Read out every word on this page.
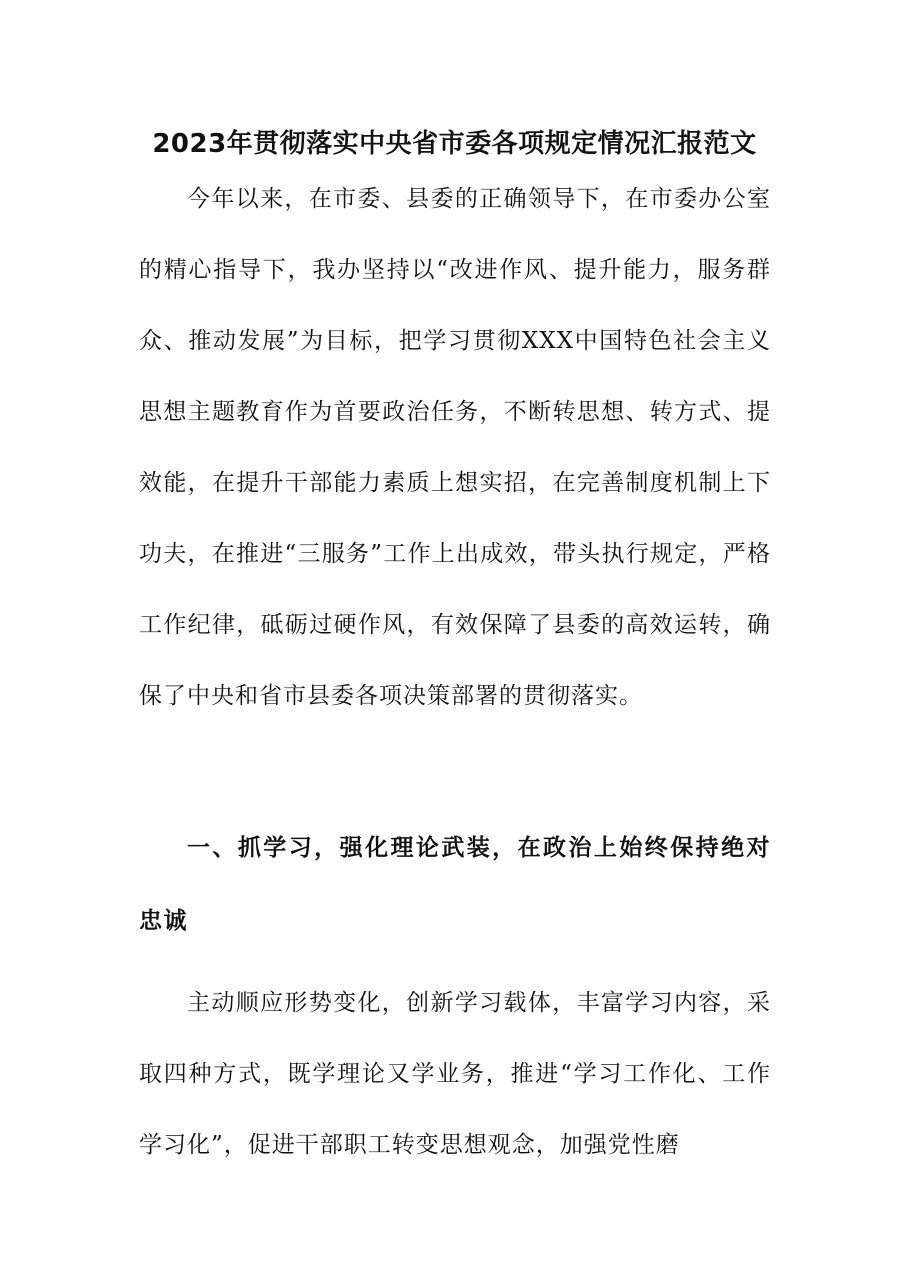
2023年贯彻落实中央省市委各项规定情况汇报范文

今年以来，在市委、县委的正确领导下，在市委办公室的精心指导下，我办坚持以“改进作风、提升能力，服务群众、推动发展”为目标，把学习贯彻XXX中国特色社会主义思想主题教育作为首要政治任务，不断转思想、转方式、提效能，在提升干部能力素质上想实招，在完善制度机制上下功夫，在推进“三服务”工作上出成效，带头执行规定，严格工作纪律，砥砺过硬作风，有效保障了县委的高效运转，确保了中央和省市县委各项决策部署的贯彻落实。

一、抓学习，强化理论武装，在政治上始终保持绝对忠诚

主动顺应形势变化，创新学习载体，丰富学习内容，采取四种方式，既学理论又学业务，推进“学习工作化、工作学习化”，促进干部职工转变思想观念，加强党性磨
